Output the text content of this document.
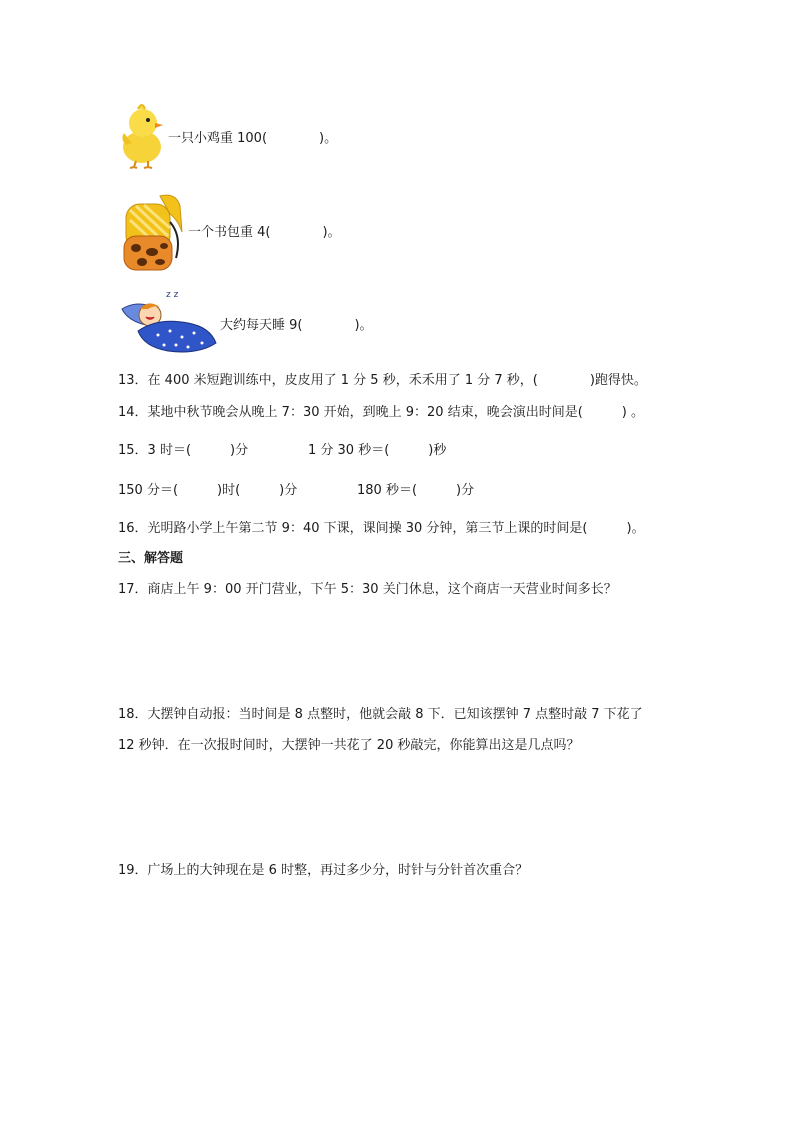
一只小鸡重 100(　　　　)。
一个书包重 4(　　　　)。
z z
大约每天睡 9(　　　　)。
13．在 400 米短跑训练中，皮皮用了 1 分 5 秒，禾禾用了 1 分 7 秒，(　　　　)跑得快。
14．某地中秋节晚会从晚上 7：30 开始，到晚上 9：20 结束，晚会演出时间是(　　　) 。
15．3 时＝(　　　)分	1 分 30 秒＝(　　　)秒
150 分＝(　　　)时(　　　)分	180 秒＝(　　　)分
16．光明路小学上午第二节 9：40 下课，课间操 30 分钟，第三节上课的时间是(　　　)。
三、解答题
17．商店上午 9：00 开门营业，下午 5：30 关门休息，这个商店一天营业时间多长？
18．大摆钟自动报：当时间是 8 点整时，他就会敲 8 下．已知该摆钟 7 点整时敲 7 下花了
12 秒钟．在一次报时间时，大摆钟一共花了 20 秒敲完，你能算出这是几点吗？
19．广场上的大钟现在是 6 时整，再过多少分，时针与分针首次重合？
